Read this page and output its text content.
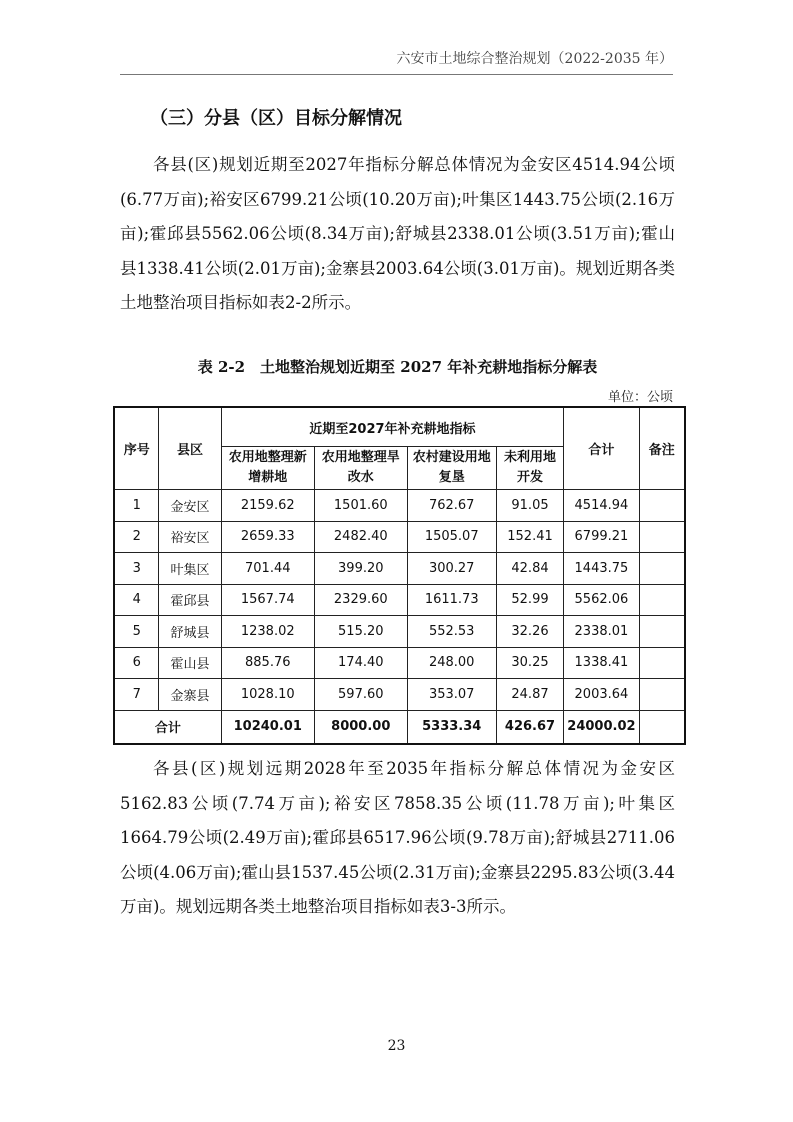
六安市土地综合整治规划（2022-2035 年）
（三）分县（区）目标分解情况

各县(区)规划近期至2027年指标分解总体情况为金安区4514.94公顷(6.77万亩);裕安区6799.21公顷(10.20万亩);叶集区1443.75公顷(2.16万亩);霍邱县5562.06公顷(8.34万亩);舒城县2338.01公顷(3.51万亩);霍山县1338.41公顷(2.01万亩);金寨县2003.64公顷(3.01万亩)。规划近期各类土地整治项目指标如表2-2所示。

表 2-2　土地整治规划近期至 2027 年补充耕地指标分解表
单位：公顷
序号	县区	近期至2027年补充耕地指标				合计	备注
		农用地整理新增耕地	农用地整理旱改水	农村建设用地复垦	未利用地开发		
1	金安区	2159.62	1501.60	762.67	91.05	4514.94	
2	裕安区	2659.33	2482.40	1505.07	152.41	6799.21	
3	叶集区	701.44	399.20	300.27	42.84	1443.75	
4	霍邱县	1567.74	2329.60	1611.73	52.99	5562.06	
5	舒城县	1238.02	515.20	552.53	32.26	2338.01	
6	霍山县	885.76	174.40	248.00	30.25	1338.41	
7	金寨县	1028.10	597.60	353.07	24.87	2003.64	
合计		10240.01	8000.00	5333.34	426.67	24000.02	

各县(区)规划远期2028年至2035年指标分解总体情况为金安区5162.83公顷(7.74万亩);裕安区7858.35公顷(11.78万亩);叶集区1664.79公顷(2.49万亩);霍邱县6517.96公顷(9.78万亩);舒城县2711.06公顷(4.06万亩);霍山县1537.45公顷(2.31万亩);金寨县2295.83公顷(3.44万亩)。规划远期各类土地整治项目指标如表3-3所示。

23
